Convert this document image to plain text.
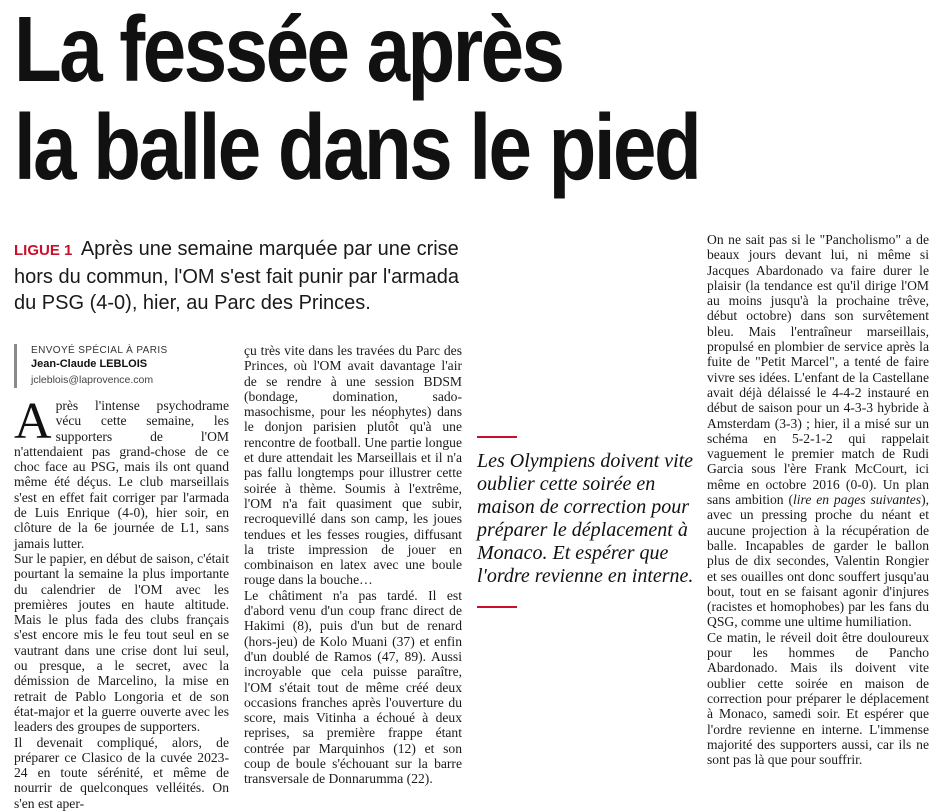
La fessée après
la balle dans le pied

LIGUE 1 Après une semaine marquée par une crise hors du commun, l'OM s'est fait punir par l'armada du PSG (4-0), hier, au Parc des Princes.

ENVOYÉ SPÉCIAL À PARIS
Jean-Claude LEBLOIS
jcleblois@laprovence.com

Après l'intense psychodrame vécu cette semaine, les supporters de l'OM n'attendaient pas grand-chose de ce choc face au PSG, mais ils ont quand même été déçus. Le club marseillais s'est en effet fait corriger par l'armada de Luis Enrique (4-0), hier soir, en clôture de la 6e journée de L1, sans jamais lutter.

Sur le papier, en début de saison, c'était pourtant la semaine la plus importante du calendrier de l'OM avec les premières joutes en haute altitude. Mais le plus fada des clubs français s'est encore mis le feu tout seul en se vautrant dans une crise dont lui seul, ou presque, a le secret, avec la démission de Marcelino, la mise en retrait de Pablo Longoria et de son état-major et la guerre ouverte avec les leaders des groupes de supporters.

Il devenait compliqué, alors, de préparer ce Clasico de la cuvée 2023-24 en toute sérénité, et même de nourrir de quelconques velléités. On s'en est aper-

çu très vite dans les travées du Parc des Princes, où l'OM avait davantage l'air de se rendre à une session BDSM (bondage, domination, sado-masochisme, pour les néophytes) dans le donjon parisien plutôt qu'à une rencontre de football. Une partie longue et dure attendait les Marseillais et il n'a pas fallu longtemps pour illustrer cette soirée à thème. Soumis à l'extrême, l'OM n'a fait quasiment que subir, recroquevillé dans son camp, les joues tendues et les fesses rougies, diffusant la triste impression de jouer en combinaison en latex avec une boule rouge dans la bouche…

Le châtiment n'a pas tardé. Il est d'abord venu d'un coup franc direct de Hakimi (8), puis d'un but de renard (hors-jeu) de Kolo Muani (37) et enfin d'un doublé de Ramos (47, 89). Aussi incroyable que cela puisse paraître, l'OM s'était tout de même créé deux occasions franches après l'ouverture du score, mais Vitinha a échoué à deux reprises, sa première frappe étant contrée par Marquinhos (12) et son coup de boule s'échouant sur la barre transversale de Donnarumma (22).

Les Olympiens doivent vite oublier cette soirée en maison de correction pour préparer le déplacement à Monaco. Et espérer que l'ordre revienne en interne.

On ne sait pas si le "Pancholismo" a de beaux jours devant lui, ni même si Jacques Abardonado va faire durer le plaisir (la tendance est qu'il dirige l'OM au moins jusqu'à la prochaine trêve, début octobre) dans son survêtement bleu. Mais l'entraîneur marseillais, propulsé en plombier de service après la fuite de "Petit Marcel", a tenté de faire vivre ses idées. L'enfant de la Castellane avait déjà délaissé le 4-4-2 instauré en début de saison pour un 4-3-3 hybride à Amsterdam (3-3) ; hier, il a misé sur un schéma en 5-2-1-2 qui rappelait vaguement le premier match de Rudi Garcia sous l'ère Frank McCourt, ici même en octobre 2016 (0-0). Un plan sans ambition (lire en pages suivantes), avec un pressing proche du néant et aucune projection à la récupération de balle. Incapables de garder le ballon plus de dix secondes, Valentin Rongier et ses ouailles ont donc souffert jusqu'au bout, tout en se faisant agonir d'injures (racistes et homophobes) par les fans du QSG, comme une ultime humiliation.

Ce matin, le réveil doit être douloureux pour les hommes de Pancho Abardonado. Mais ils doivent vite oublier cette soirée en maison de correction pour préparer le déplacement à Monaco, samedi soir. Et espérer que l'ordre revienne en interne. L'immense majorité des supporters aussi, car ils ne sont pas là que pour souffrir.
